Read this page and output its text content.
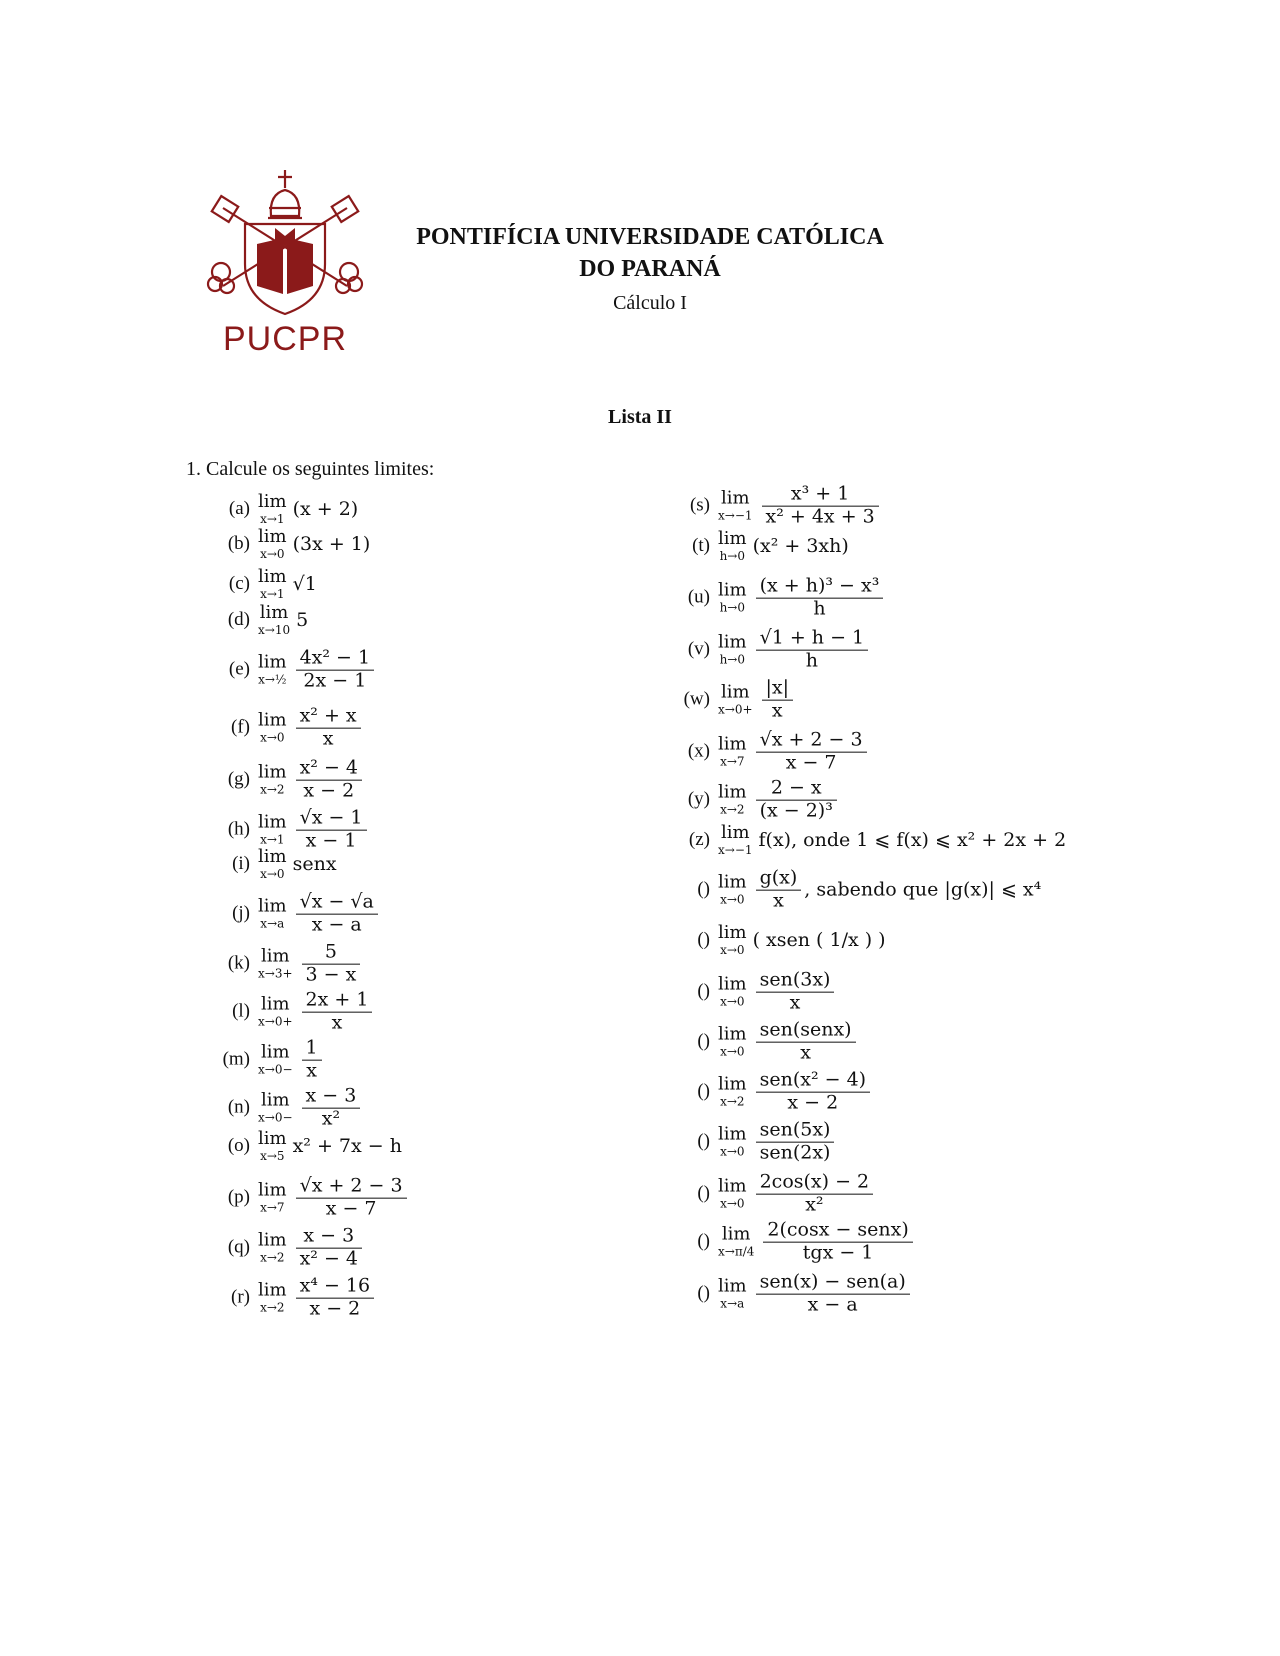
PUCPR
PONTIFÍCIA UNIVERSIDADE CATÓLICA
DO PARANÁ
Cálculo I
Lista II
1. Calcule os seguintes limites:
(a) lim
x→1 (x + 2)
(b) lim
x→0 (3x + 1)
(c) lim
x→1 √1
(d) lim
x→10 5
(e) lim
x→½ $\frac{\text{4x² − 1}}{2x - 1}$
(f) lim
$x\to 0 \frac{\text{x² + x}}{x}$
(g) lim
$x\to 2 \frac{\text{x² − 4}}{x - 2}$
(h) lim
$x\to 1 \frac{√x - 1}{x - 1}$
(i) lim
x→0 senx
(j) lim
$x\to a \frac{√x - √a}{x - a}$
(k) lim
$x\to 3+ \frac{5}{3 - x}$
(l) lim
$x\to 0+ \frac{2x + 1}{x}$
(m) lim
$x\to 0- \frac{1}{x}$
(n) lim
$x\to 0- \frac{x - 3}{\text{x²}}$
(o) lim
x→5 x² + 7x − h
(p) lim
$x\to 7 \frac{√x + 2 - 3}{x - 7}$
(q) lim
$x\to 2 \frac{x - 3}{\text{x² − 4}}$
(r) lim
$x\to 2 \frac{\text{x⁴ − 16}}{x - 2}$
(s) lim
$x\to-1 \frac{\text{x³ + 1}}{\text{x² + 4x + 3}}$
(t) lim
h→0 (x² + 3xh)
(u) lim
$h\to 0 \frac{\text{(x + h)³ − x³}}{h}$
(v) lim
$h\to 0 \frac{√1 + h - 1}{h}$
(w) lim
$x\to 0+ \frac{|x|}{x}$
(x) lim
$x\to 7 \frac{√x + 2 - 3}{x - 7}$
(y) lim
$x\to 2 \frac{2 - x}{\text{(x − 2)³}}$
(z) lim
x→−1 f(x), onde 1 ⩽ f(x) ⩽ x² + 2x + 2
() lim
$x\to 0 \frac{g(x)}{x}$ , sabendo que |g(x)| ⩽ x⁴
() lim
x→0 ( xsen ( 1/x ) )
() lim
$x\to 0 \frac{\text{sen(3x)}}{x}$
() lim
$x\to 0 \frac{\text{sen(senx)}}{x}$
() lim
$x\to 2 \frac{\text{sen(x² − 4)}}{x - 2}$
() lim
$x\to 0 \frac{\text{sen(5x)}}{\text{sen(2x)}}$
() lim
$x\to 0 \frac{2\cos(x) - 2}{\text{x²}}$
() lim
$x\to\pi/4 \frac{\text{2(cosx − senx)}}{\text{tgx − 1}}$
() lim
$x\to a \frac{\text{sen(x) − sen(a)}}{x - a}$
